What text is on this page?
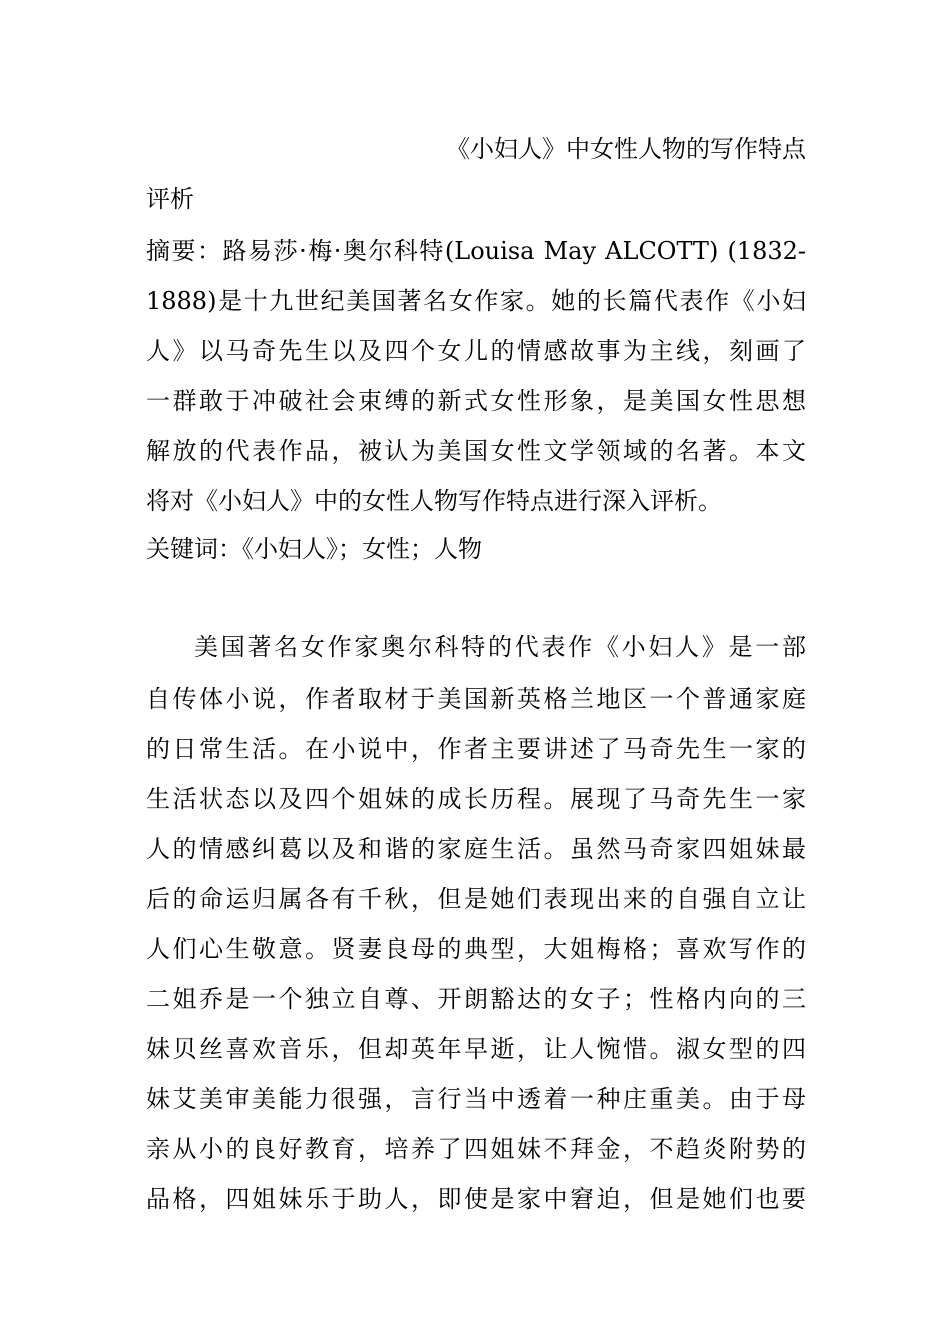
《小妇人》中女性人物的写作特点
评析
摘要：路易莎·梅·奥尔科特(Louisa May ALCOTT) (1832-
1888)是十九世纪美国著名女作家。她的长篇代表作《小妇
人》以马奇先生以及四个女儿的情感故事为主线，刻画了
一群敢于冲破社会束缚的新式女性形象，是美国女性思想
解放的代表作品，被认为美国女性文学领域的名著。本文
将对《小妇人》中的女性人物写作特点进行深入评析。
关键词：《小妇人》；女性；人物
美国著名女作家奥尔科特的代表作《小妇人》是一部
自传体小说，作者取材于美国新英格兰地区一个普通家庭
的日常生活。在小说中，作者主要讲述了马奇先生一家的
生活状态以及四个姐妹的成长历程。展现了马奇先生一家
人的情感纠葛以及和谐的家庭生活。虽然马奇家四姐妹最
后的命运归属各有千秋，但是她们表现出来的自强自立让
人们心生敬意。贤妻良母的典型，大姐梅格；喜欢写作的
二姐乔是一个独立自尊、开朗豁达的女子；性格内向的三
妹贝丝喜欢音乐，但却英年早逝，让人惋惜。淑女型的四
妹艾美审美能力很强，言行当中透着一种庄重美。由于母
亲从小的良好教育，培养了四姐妹不拜金，不趋炎附势的
品格，四姐妹乐于助人，即使是家中窘迫，但是她们也要
